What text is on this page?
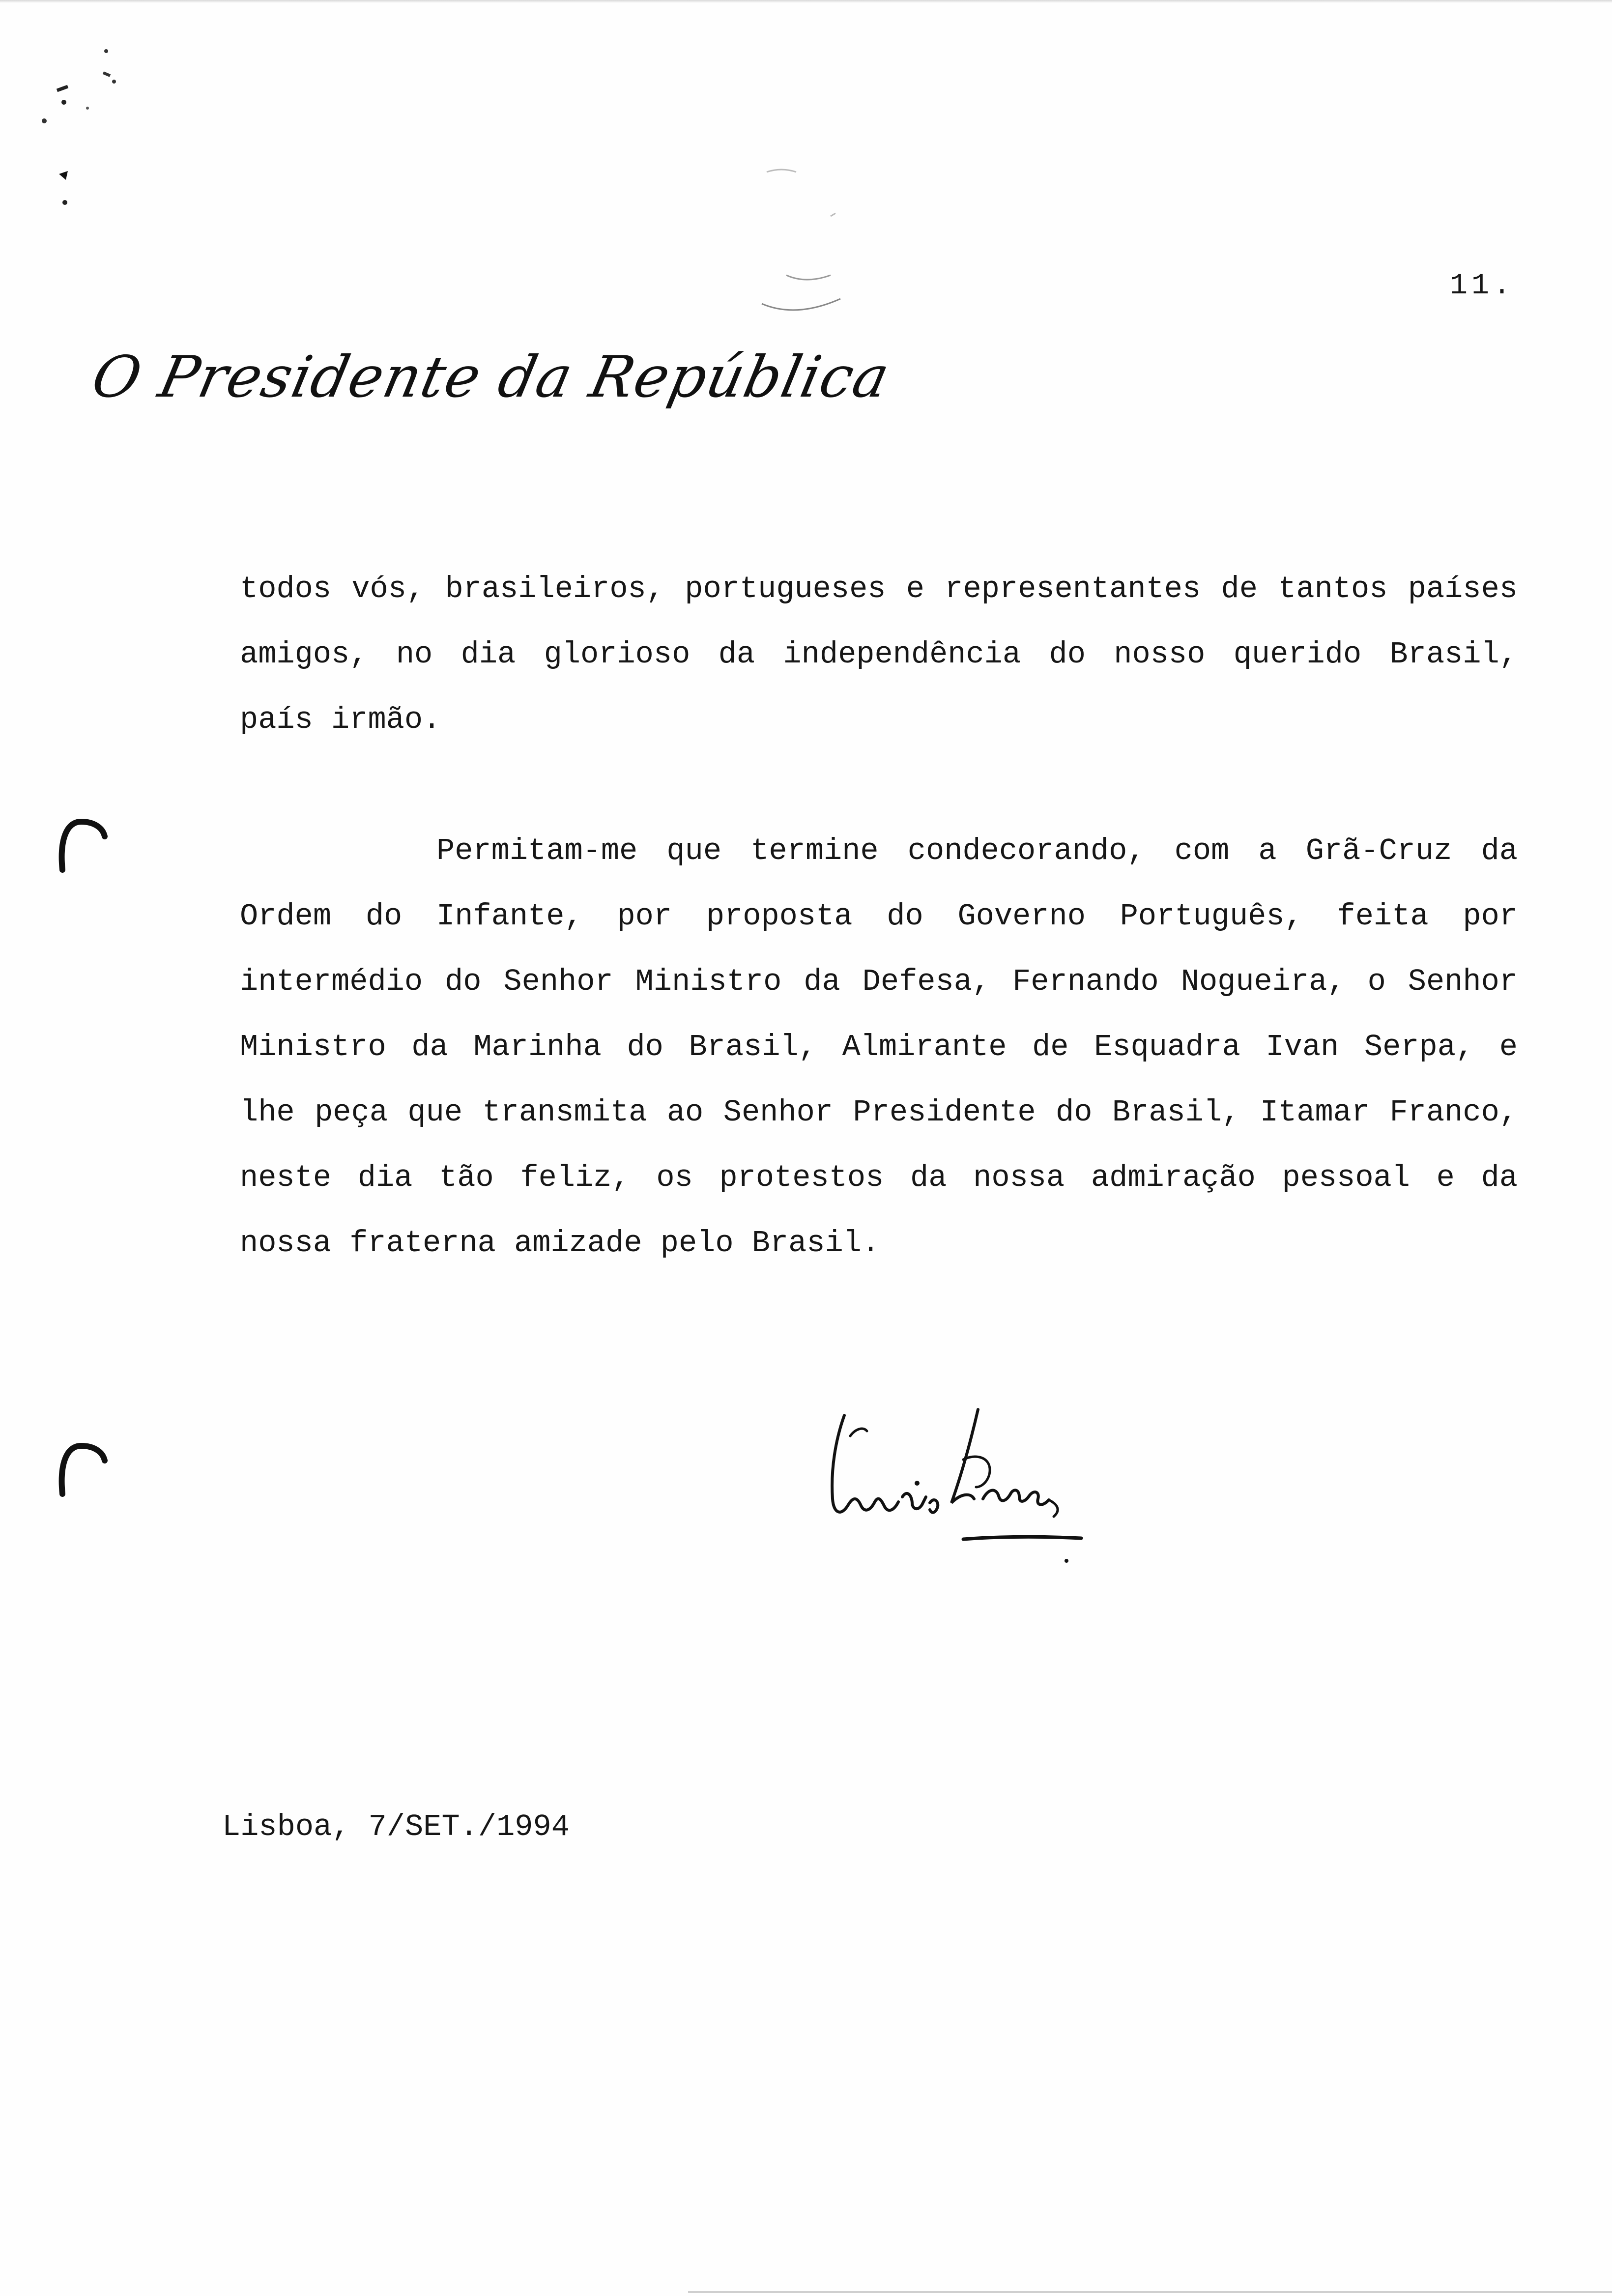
11.
O Presidente da República

todos vós, brasileiros, portugueses e representantes de tantos países amigos, no dia glorioso da independência do nosso querido Brasil, país irmão.

Permitam-me que termine condecorando, com a Grã-Cruz da Ordem do Infante, por proposta do Governo Português, feita por intermédio do Senhor Ministro da Defesa, Fernando Nogueira, o Senhor Ministro da Marinha do Brasil, Almirante de Esquadra Ivan Serpa, e lhe peça que transmita ao Senhor Presidente do Brasil, Itamar Franco, neste dia tão feliz, os protestos da nossa admiração pessoal e da nossa fraterna amizade pelo Brasil.

Lisboa, 7/SET./1994
